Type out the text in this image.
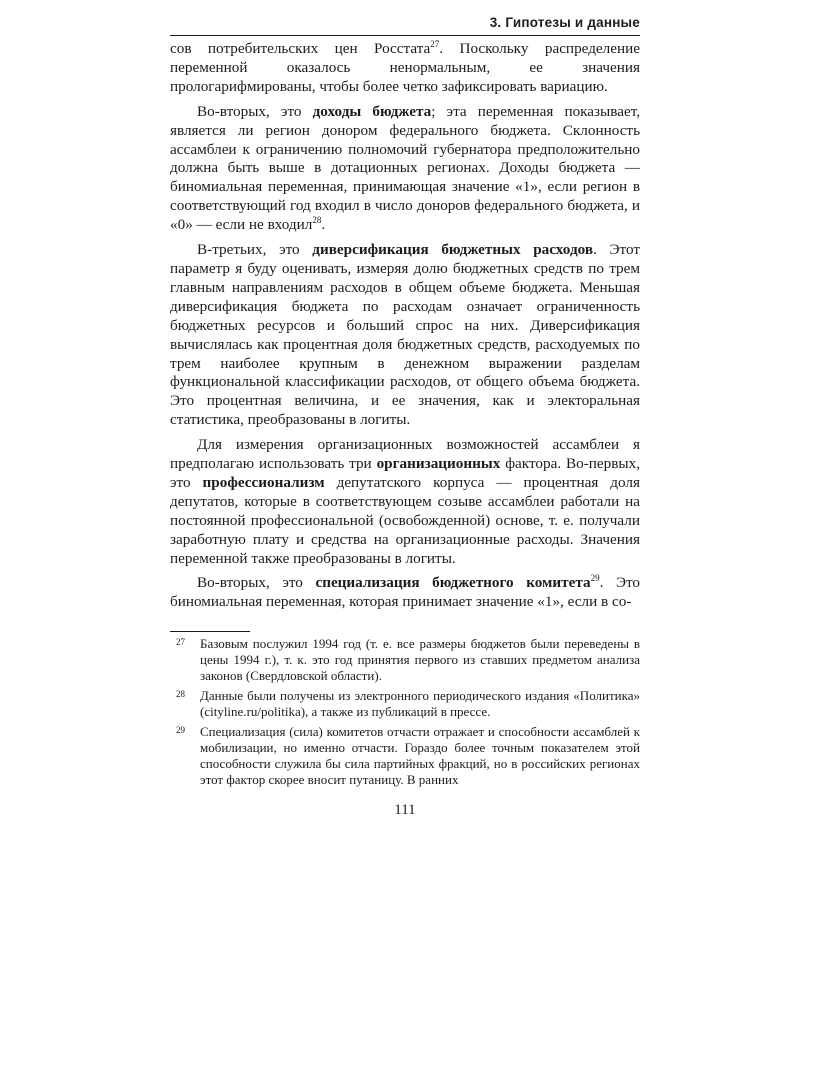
3. Гипотезы и данные

сов потребительских цен Росстата$^{27}$. Поскольку распределение переменной оказалось ненормальным, ее значения прологарифмированы, чтобы более четко зафиксировать вариацию.

Во-вторых, это доходы бюджета; эта переменная показывает, является ли регион донором федерального бюджета. Склонность ассамблеи к ограничению полномочий губернатора предположительно должна быть выше в дотационных регионах. Доходы бюджета — биномиальная переменная, принимающая значение «1», если регион в соответствующий год входил в число доноров федерального бюджета, и «0» — если не входил$^{28}$.

В-третьих, это диверсификация бюджетных расходов. Этот параметр я буду оценивать, измеряя долю бюджетных средств по трем главным направлениям расходов в общем объеме бюджета. Меньшая диверсификация бюджета по расходам означает ограниченность бюджетных ресурсов и больший спрос на них. Диверсификация вычислялась как процентная доля бюджетных средств, расходуемых по трем наиболее крупным в денежном выражении разделам функциональной классификации расходов, от общего объема бюджета. Это процентная величина, и ее значения, как и электоральная статистика, преобразованы в логиты.

Для измерения организационных возможностей ассамблеи я предполагаю использовать три организационных фактора. Во-первых, это профессионализм депутатского корпуса — процентная доля депутатов, которые в соответствующем созыве ассамблеи работали на постоянной профессиональной (освобожденной) основе, т. е. получали заработную плату и средства на организационные расходы. Значения переменной также преобразованы в логиты.

Во-вторых, это специализация бюджетного комитета$^{29}$. Это биномиальная переменная, которая принимает значение «1», если в со-

27	Базовым послужил 1994 год (т. е. все размеры бюджетов были переведены в цены 1994 г.), т. к. это год принятия первого из ставших предметом анализа законов (Свердловской области).
28	Данные были получены из электронного периодического издания «Политика» (cityline.ru/politika), а также из публикаций в прессе.
29	Специализация (сила) комитетов отчасти отражает и способности ассамблей к мобилизации, но именно отчасти. Гораздо более точным показателем этой способности служила бы сила партийных фракций, но в российских регионах этот фактор скорее вносит путаницу. В ранних
111
